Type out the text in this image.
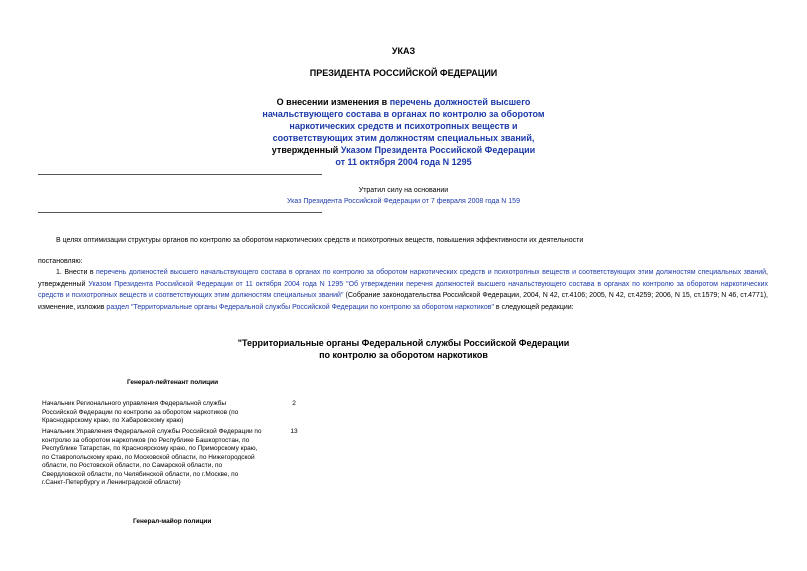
УКАЗ
ПРЕЗИДЕНТА РОССИЙСКОЙ ФЕДЕРАЦИИ
О внесении изменения в перечень должностей высшего
начальствующего состава в органах по контролю за оборотом
наркотических средств и психотропных веществ и
соответствующих этим должностям специальных званий,
утвержденный Указом Президента Российской Федерации
от 11 октября 2004 года N 1295
Утратил силу на основании
Указ Президента Российской Федерации от 7 февраля 2008 года N 159
В целях оптимизации структуры органов по контролю за оборотом наркотических средств и психотропных веществ, повышения эффективности их деятельности
постановляю:
1. Внести в перечень должностей высшего начальствующего состава в органах по контролю за оборотом наркотических средств и психотропных веществ и соответствующих этим должностям специальных званий, утвержденный Указом Президента Российской Федерации от 11 октября 2004 года N 1295 "Об утверждении перечня должностей высшего начальствующего состава в органах по контролю за оборотом наркотических средств и психотропных веществ и соответствующих этим должностям специальных званий" (Собрание законодательства Российской Федерации, 2004, N 42, ст.4106; 2005, N 42, ст.4259; 2006, N 15, ст.1579; N 46, ст.4771), изменение, изложив раздел "Территориальные органы Федеральной службы Российской Федерации по контролю за оборотом наркотиков" в следующей редакции:
"Территориальные органы Федеральной службы Российской Федерации
по контролю за оборотом наркотиков
Генерал-лейтенант полиции
Начальник Регионального управления Федеральной службы Российской Федерации по контролю за оборотом наркотиков (по Краснодарскому краю, по Хабаровскому краю)
2
Начальник Управления Федеральной службы Российской Федерации по контролю за оборотом наркотиков (по Республике Башкортостан, по Республике Татарстан, по Красноярскому краю, по Приморскому краю, по Ставропольскому краю, по Московской области, по Нижегородской области, по Ростовской области, по Самарской области, по Свердловской области, по Челябинской области, по г.Москве, по г.Санкт-Петербургу и Ленинградской области)
13
Генерал-майор полиции
